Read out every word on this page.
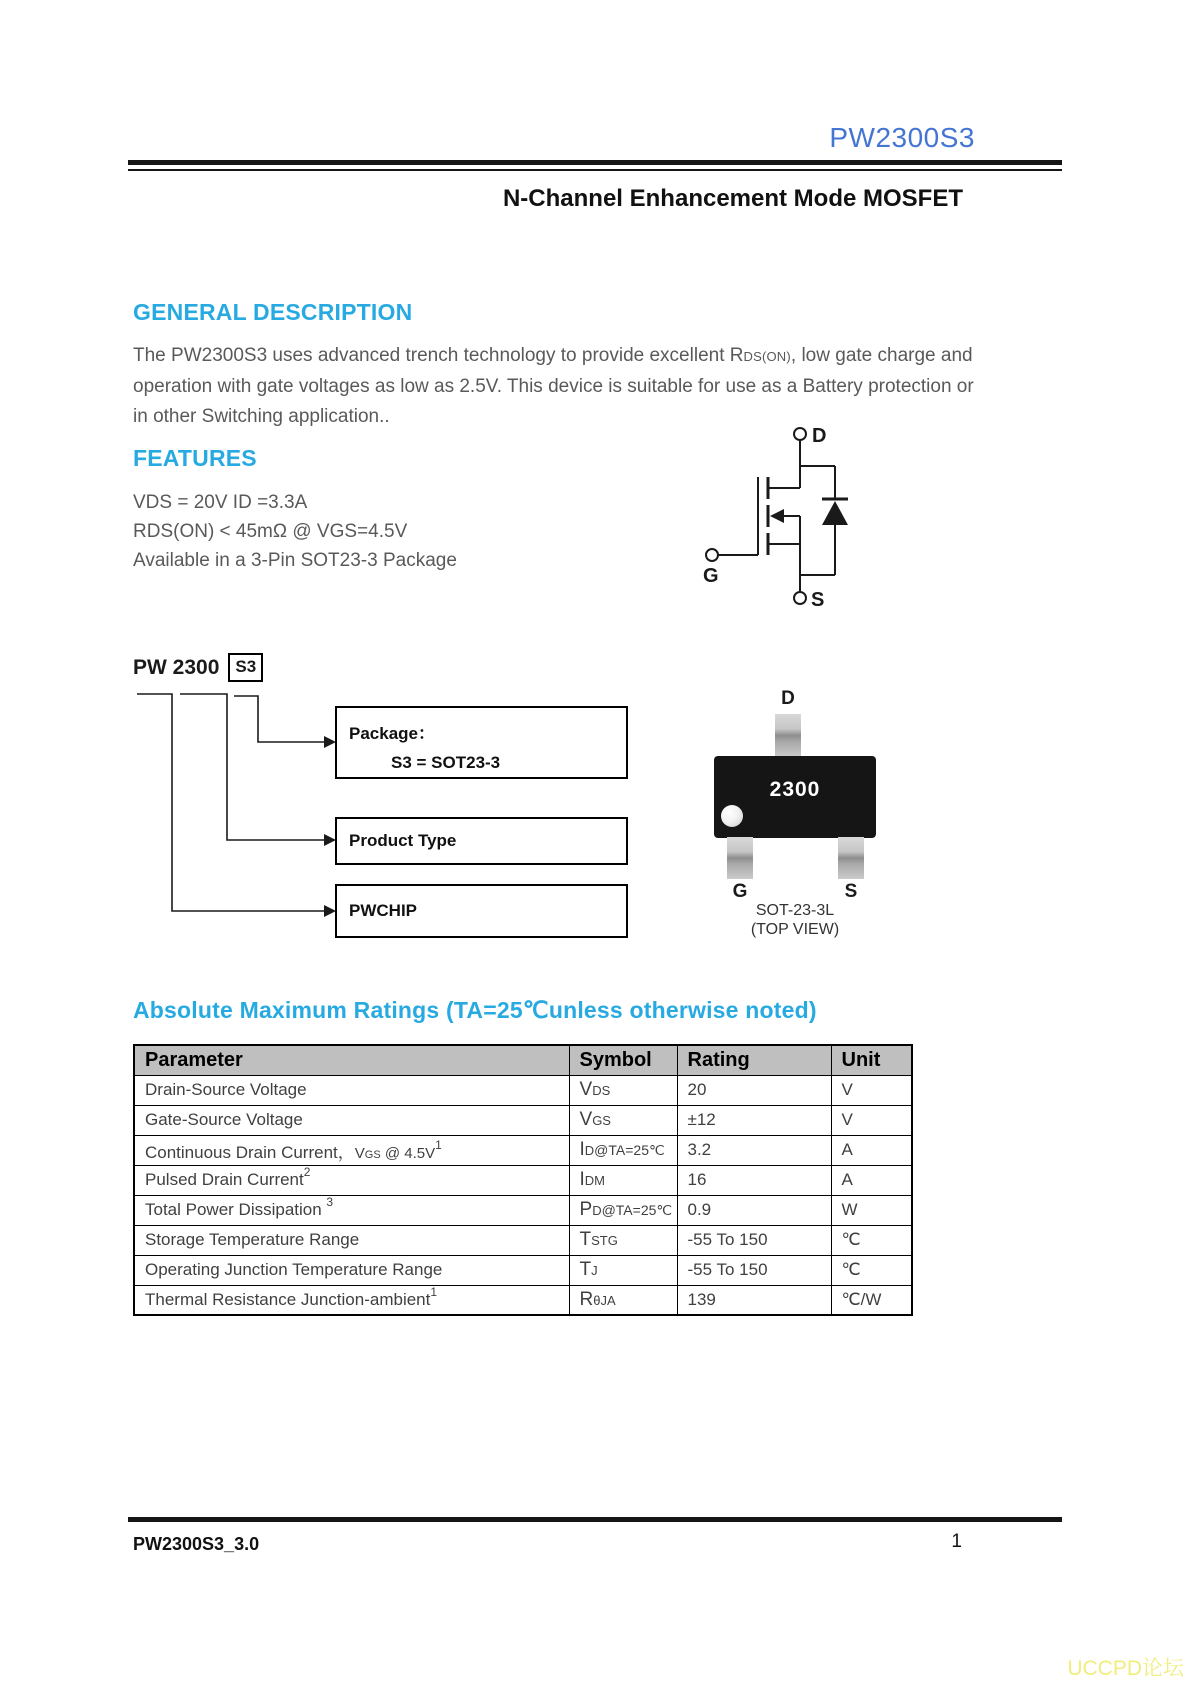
PW2300S3
N-Channel Enhancement Mode MOSFET
GENERAL DESCRIPTION
The PW2300S3 uses advanced trench technology to provide excellent RDS(ON), low gate charge and operation with gate voltages as low as 2.5V. This device is suitable for use as a Battery protection or in other Switching application..
FEATURES
VDS = 20V ID =3.3A
RDS(ON) < 45mΩ @ VGS=4.5V
Available in a 3-Pin SOT23-3 Package
D
G
S
PW 2300 S3
Package：
S3 = SOT23-3
Product Type
PWCHIP
D
2300
G	S
SOT-23-3L
(TOP VIEW)
Absolute Maximum Ratings (TA=25℃unless otherwise noted)
Parameter	Symbol	Rating	Unit
Drain-Source Voltage	VDS	20	V
Gate-Source Voltage	VGS	±12	V
Continuous Drain Current，VGS @ 4.5V$^1$	ID@TA=25℃	3.2	A
Pulsed Drain Current$^2$	IDM	16	A
Total Power Dissipation $^3$	PD@TA=25℃	0.9	W
Storage Temperature Range	TSTG	-55 To 150	℃
Operating Junction Temperature Range	TJ	-55 To 150	℃
Thermal Resistance Junction-ambient$^1$	RθJA	139	℃/W
PW2300S3_3.0	1
UCCPD论坛
